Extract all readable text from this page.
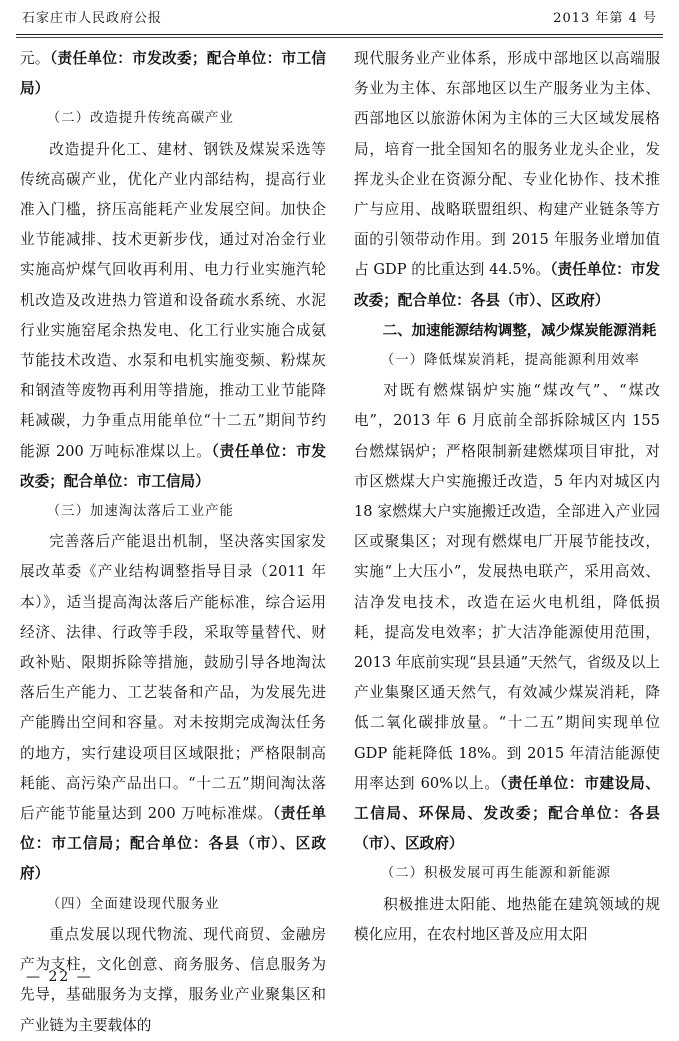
石家庄市人民政府公报	2013 年第 4 号

元。（责任单位：市发改委；配合单位：市工信局）

（二）改造提升传统高碳产业

改造提升化工、建材、钢铁及煤炭采选等传统高碳产业，优化产业内部结构，提高行业准入门槛，挤压高能耗产业发展空间。加快企业节能减排、技术更新步伐，通过对冶金行业实施高炉煤气回收再利用、电力行业实施汽轮机改造及改进热力管道和设备疏水系统、水泥行业实施窑尾余热发电、化工行业实施合成氨节能技术改造、水泵和电机实施变频、粉煤灰和钢渣等废物再利用等措施，推动工业节能降耗减碳，力争重点用能单位“十二五”期间节约能源 200 万吨标准煤以上。（责任单位：市发改委；配合单位：市工信局）

（三）加速淘汰落后工业产能

完善落后产能退出机制，坚决落实国家发展改革委《产业结构调整指导目录（2011 年本）》，适当提高淘汰落后产能标准，综合运用经济、法律、行政等手段，采取等量替代、财政补贴、限期拆除等措施，鼓励引导各地淘汰落后生产能力、工艺装备和产品，为发展先进产能腾出空间和容量。对未按期完成淘汰任务的地方，实行建设项目区域限批；严格限制高耗能、高污染产品出口。“十二五”期间淘汰落后产能节能量达到 200 万吨标准煤。（责任单位：市工信局；配合单位：各县（市）、区政府）

（四）全面建设现代服务业

重点发展以现代物流、现代商贸、金融房产为支柱，文化创意、商务服务、信息服务为先导，基础服务为支撑，服务业产业聚集区和产业链为主要载体的

现代服务业产业体系，形成中部地区以高端服务业为主体、东部地区以生产服务业为主体、西部地区以旅游休闲为主体的三大区域发展格局，培育一批全国知名的服务业龙头企业，发挥龙头企业在资源分配、专业化协作、技术推广与应用、战略联盟组织、构建产业链条等方面的引领带动作用。到 2015 年服务业增加值占 GDP 的比重达到 44.5%。（责任单位：市发改委；配合单位：各县（市）、区政府）

二、加速能源结构调整，减少煤炭能源消耗

（一）降低煤炭消耗，提高能源利用效率

对既有燃煤锅炉实施“煤改气”、“煤改电”，2013 年 6 月底前全部拆除城区内 155 台燃煤锅炉；严格限制新建燃煤项目审批，对市区燃煤大户实施搬迁改造，5 年内对城区内 18 家燃煤大户实施搬迁改造，全部进入产业园区或聚集区；对现有燃煤电厂开展节能技改，实施“上大压小”，发展热电联产，采用高效、洁净发电技术，改造在运火电机组，降低损耗，提高发电效率；扩大洁净能源使用范围，2013 年底前实现“县县通”天然气，省级及以上产业集聚区通天然气，有效减少煤炭消耗，降低二氧化碳排放量。“十二五”期间实现单位 GDP 能耗降低 18%。到 2015 年清洁能源使用率达到 60%以上。（责任单位：市建设局、工信局、环保局、发改委；配合单位：各县（市）、区政府）

（二）积极发展可再生能源和新能源

积极推进太阳能、地热能在建筑领域的规模化应用，在农村地区普及应用太阳

— 22 —
